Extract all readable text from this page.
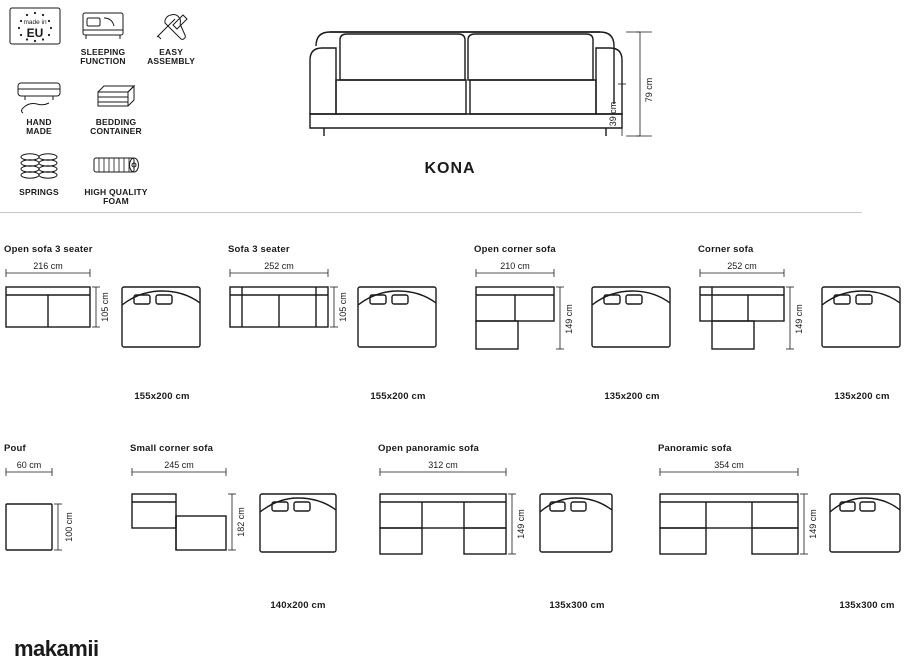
made in
EU
SLEEPING
FUNCTION
EASY
ASSEMBLY
HAND
MADE
BEDDING
CONTAINER
SPRINGS	HIGH QUALITY
FOAM
79 cm
39 cm
KONA
Open sofa 3 seater
216 cm
105 cm
155x200 cm
Sofa 3 seater
252 cm
105 cm
155x200 cm
Open corner sofa
210 cm
149 cm
135x200 cm
Corner sofa
252 cm
149 cm
135x200 cm
Pouf
60 cm
100 cm
Small corner sofa
245 cm
182 cm
140x200 cm
Open panoramic sofa
312 cm
149 cm
135x300 cm
Panoramic sofa
354 cm
149 cm
135x300 cm
makamii
